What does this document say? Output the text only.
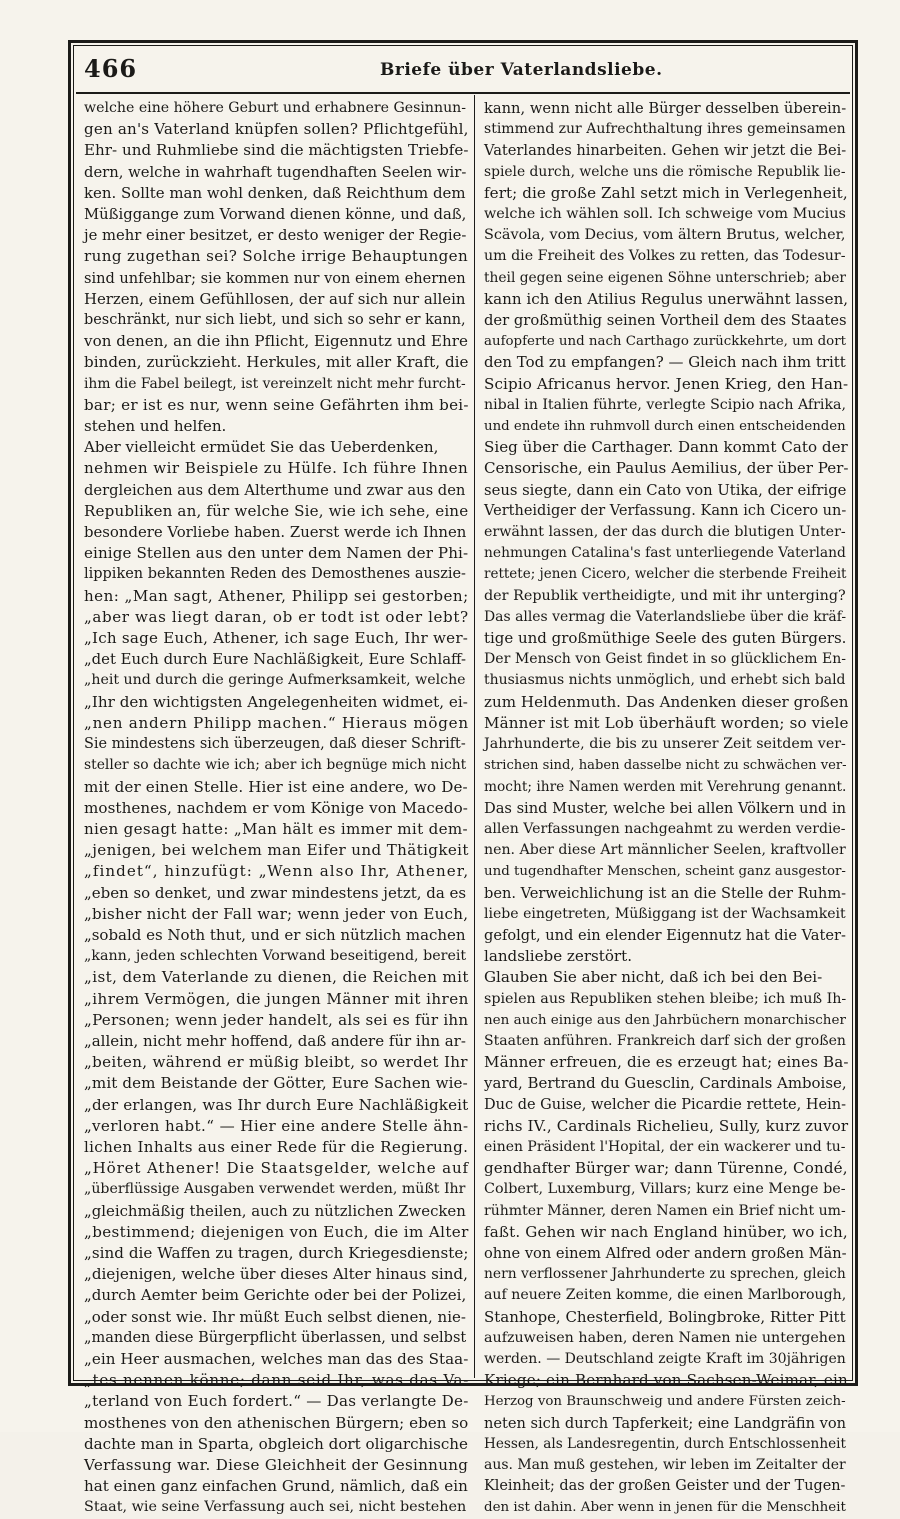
466	Briefe über Vaterlandsliebe.
welche eine höhere Geburt und erhabnere Gesinnun-
gen an's Vaterland knüpfen sollen? Pflichtgefühl,
Ehr- und Ruhmliebe sind die mächtigsten Triebfe-
dern, welche in wahrhaft tugendhaften Seelen wir-
ken. Sollte man wohl denken, daß Reichthum dem
Müßiggange zum Vorwand dienen könne, und daß,
je mehr einer besitzet, er desto weniger der Regie-
rung zugethan sei? Solche irrige Behauptungen
sind unfehlbar; sie kommen nur von einem ehernen
Herzen, einem Gefühllosen, der auf sich nur allein
beschränkt, nur sich liebt, und sich so sehr er kann,
von denen, an die ihn Pflicht, Eigennutz und Ehre
binden, zurückzieht. Herkules, mit aller Kraft, die
ihm die Fabel beilegt, ist vereinzelt nicht mehr furcht-
bar; er ist es nur, wenn seine Gefährten ihm bei-
stehen und helfen.
Aber vielleicht ermüdet Sie das Ueberdenken,
nehmen wir Beispiele zu Hülfe. Ich führe Ihnen
dergleichen aus dem Alterthume und zwar aus den
Republiken an, für welche Sie, wie ich sehe, eine
besondere Vorliebe haben. Zuerst werde ich Ihnen
einige Stellen aus den unter dem Namen der Phi-
lippiken bekannten Reden des Demosthenes auszie-
hen: „Man sagt, Athener, Philipp sei gestorben;
„aber was liegt daran, ob er todt ist oder lebt?
„Ich sage Euch, Athener, ich sage Euch, Ihr wer-
„det Euch durch Eure Nachläßigkeit, Eure Schlaff-
„heit und durch die geringe Aufmerksamkeit, welche
„Ihr den wichtigsten Angelegenheiten widmet, ei-
„nen andern Philipp machen.“ Hieraus mögen
Sie mindestens sich überzeugen, daß dieser Schrift-
steller so dachte wie ich; aber ich begnüge mich nicht
mit der einen Stelle. Hier ist eine andere, wo De-
mosthenes, nachdem er vom Könige von Macedo-
nien gesagt hatte: „Man hält es immer mit dem-
„jenigen, bei welchem man Eifer und Thätigkeit
„findet“, hinzufügt: „Wenn also Ihr, Athener,
„eben so denket, und zwar mindestens jetzt, da es
„bisher nicht der Fall war; wenn jeder von Euch,
„sobald es Noth thut, und er sich nützlich machen
„kann, jeden schlechten Vorwand beseitigend, bereit
„ist, dem Vaterlande zu dienen, die Reichen mit
„ihrem Vermögen, die jungen Männer mit ihren
„Personen; wenn jeder handelt, als sei es für ihn
„allein, nicht mehr hoffend, daß andere für ihn ar-
„beiten, während er müßig bleibt, so werdet Ihr
„mit dem Beistande der Götter, Eure Sachen wie-
„der erlangen, was Ihr durch Eure Nachläßigkeit
„verloren habt.“ — Hier eine andere Stelle ähn-
lichen Inhalts aus einer Rede für die Regierung.
„Höret Athener! Die Staatsgelder, welche auf
„überflüssige Ausgaben verwendet werden, müßt Ihr
„gleichmäßig theilen, auch zu nützlichen Zwecken
„bestimmend; diejenigen von Euch, die im Alter
„sind die Waffen zu tragen, durch Kriegesdienste;
„diejenigen, welche über dieses Alter hinaus sind,
„durch Aemter beim Gerichte oder bei der Polizei,
„oder sonst wie. Ihr müßt Euch selbst dienen, nie-
„manden diese Bürgerpflicht überlassen, und selbst
„ein Heer ausmachen, welches man das des Staa-
„tes nennen könne; dann seid Ihr, was das Va-
„terland von Euch fordert.“ — Das verlangte De-
mosthenes von den athenischen Bürgern; eben so
dachte man in Sparta, obgleich dort oligarchische
Verfassung war. Diese Gleichheit der Gesinnung
hat einen ganz einfachen Grund, nämlich, daß ein
Staat, wie seine Verfassung auch sei, nicht bestehen
kann, wenn nicht alle Bürger desselben überein-
stimmend zur Aufrechthaltung ihres gemeinsamen
Vaterlandes hinarbeiten. Gehen wir jetzt die Bei-
spiele durch, welche uns die römische Republik lie-
fert; die große Zahl setzt mich in Verlegenheit,
welche ich wählen soll. Ich schweige vom Mucius
Scävola, vom Decius, vom ältern Brutus, welcher,
um die Freiheit des Volkes zu retten, das Todesur-
theil gegen seine eigenen Söhne unterschrieb; aber
kann ich den Atilius Regulus unerwähnt lassen,
der großmüthig seinen Vortheil dem des Staates
aufopferte und nach Carthago zurückkehrte, um dort
den Tod zu empfangen? — Gleich nach ihm tritt
Scipio Africanus hervor. Jenen Krieg, den Han-
nibal in Italien führte, verlegte Scipio nach Afrika,
und endete ihn ruhmvoll durch einen entscheidenden
Sieg über die Carthager. Dann kommt Cato der
Censorische, ein Paulus Aemilius, der über Per-
seus siegte, dann ein Cato von Utika, der eifrige
Vertheidiger der Verfassung. Kann ich Cicero un-
erwähnt lassen, der das durch die blutigen Unter-
nehmungen Catalina's fast unterliegende Vaterland
rettete; jenen Cicero, welcher die sterbende Freiheit
der Republik vertheidigte, und mit ihr unterging?
Das alles vermag die Vaterlandsliebe über die kräf-
tige und großmüthige Seele des guten Bürgers.
Der Mensch von Geist findet in so glücklichem En-
thusiasmus nichts unmöglich, und erhebt sich bald
zum Heldenmuth. Das Andenken dieser großen
Männer ist mit Lob überhäuft worden; so viele
Jahrhunderte, die bis zu unserer Zeit seitdem ver-
strichen sind, haben dasselbe nicht zu schwächen ver-
mocht; ihre Namen werden mit Verehrung genannt.
Das sind Muster, welche bei allen Völkern und in
allen Verfassungen nachgeahmt zu werden verdie-
nen. Aber diese Art männlicher Seelen, kraftvoller
und tugendhafter Menschen, scheint ganz ausgestor-
ben. Verweichlichung ist an die Stelle der Ruhm-
liebe eingetreten, Müßiggang ist der Wachsamkeit
gefolgt, und ein elender Eigennutz hat die Vater-
landsliebe zerstört.
Glauben Sie aber nicht, daß ich bei den Bei-
spielen aus Republiken stehen bleibe; ich muß Ih-
nen auch einige aus den Jahrbüchern monarchischer
Staaten anführen. Frankreich darf sich der großen
Männer erfreuen, die es erzeugt hat; eines Ba-
yard, Bertrand du Guesclin, Cardinals Amboise,
Duc de Guise, welcher die Picardie rettete, Hein-
richs IV., Cardinals Richelieu, Sully, kurz zuvor
einen Präsident l'Hopital, der ein wackerer und tu-
gendhafter Bürger war; dann Türenne, Condé,
Colbert, Luxemburg, Villars; kurz eine Menge be-
rühmter Männer, deren Namen ein Brief nicht um-
faßt. Gehen wir nach England hinüber, wo ich,
ohne von einem Alfred oder andern großen Män-
nern verflossener Jahrhunderte zu sprechen, gleich
auf neuere Zeiten komme, die einen Marlborough,
Stanhope, Chesterfield, Bolingbroke, Ritter Pitt
aufzuweisen haben, deren Namen nie untergehen
werden. — Deutschland zeigte Kraft im 30jährigen
Kriege; ein Bernhard von Sachsen-Weimar, ein
Herzog von Braunschweig und andere Fürsten zeich-
neten sich durch Tapferkeit; eine Landgräfin von
Hessen, als Landesregentin, durch Entschlossenheit
aus. Man muß gestehen, wir leben im Zeitalter der
Kleinheit; das der großen Geister und der Tugen-
den ist dahin. Aber wenn in jenen für die Menschheit
